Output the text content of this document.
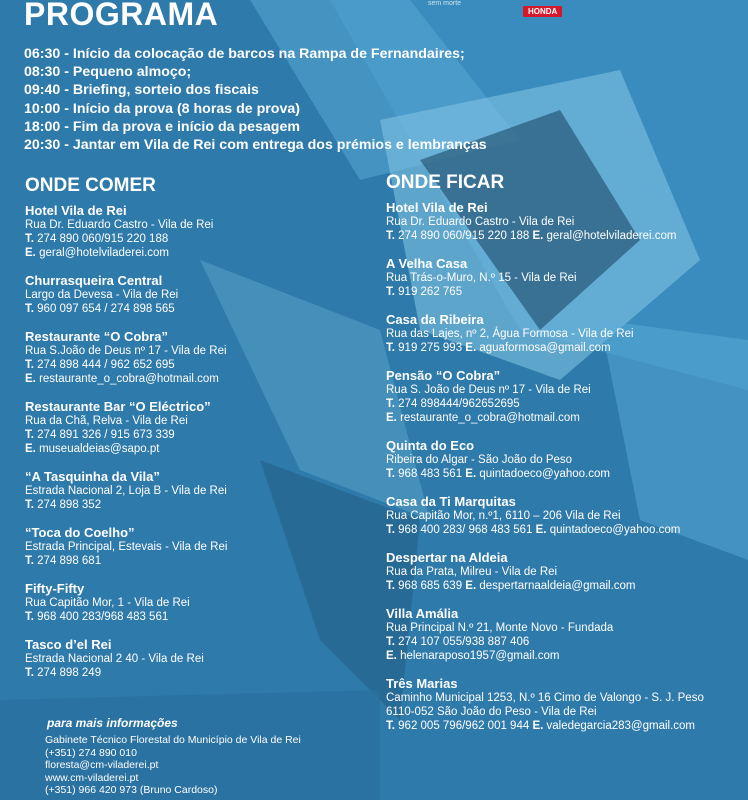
PROGRAMA	sem morte
HONDA
06:30 - Início da colocação de barcos na Rampa de Fernandaires;
08:30 - Pequeno almoço;
09:40 - Briefing, sorteio dos fiscais
10:00 - Início da prova (8 horas de prova)
18:00 - Fim da prova e início da pesagem
20:30 - Jantar em Vila de Rei com entrega dos prémios e lembranças
ONDE COMER
Hotel Vila de Rei
Rua Dr. Eduardo Castro - Vila de Rei
T. 274 890 060/915 220 188
E. geral@hotelviladerei.com
Churrasqueira Central
Largo da Devesa - Vila de Rei
T. 960 097 654 / 274 898 565
Restaurante “O Cobra”
Rua S.João de Deus nº 17 - Vila de Rei
T. 274 898 444 / 962 652 695
E. restaurante_o_cobra@hotmail.com
Restaurante Bar “O Eléctrico”
Rua da Chã, Relva - Vila de Rei
T. 274 891 326 / 915 673 339
E. museualdeias@sapo.pt
“A Tasquinha da Vila”
Estrada Nacional 2, Loja B - Vila de Rei
T. 274 898 352
“Toca do Coelho”
Estrada Principal, Estevais - Vila de Rei
T. 274 898 681
Fifty-Fifty
Rua Capitão Mor, 1 - Vila de Rei
T. 968 400 283/968 483 561
Tasco d’el Rei
Estrada Nacional 2 40 - Vila de Rei
T. 274 898 249
ONDE FICAR
Hotel Vila de Rei
Rua Dr. Eduardo Castro - Vila de Rei
T. 274 890 060/915 220 188 E. geral@hotelviladerei.com
A Velha Casa
Rua Trás-o-Muro, N.º 15 - Vila de Rei
T. 919 262 765
Casa da Ribeira
Rua das Lajes, nº 2, Água Formosa - Vila de Rei
T. 919 275 993 E. aguaformosa@gmail.com
Pensão “O Cobra”
Rua S. João de Deus nº 17 - Vila de Rei
T. 274 898444/962652695
E. restaurante_o_cobra@hotmail.com
Quinta do Eco
Ribeira do Algar - São João do Peso
T. 968 483 561 E. quintadoeco@yahoo.com
Casa da Ti Marquitas
Rua Capitão Mor, n.º1, 6110 – 206 Vila de Rei
T. 968 400 283/ 968 483 561 E. quintadoeco@yahoo.com
Despertar na Aldeia
Rua da Prata, Milreu - Vila de Rei
T. 968 685 639 E. despertarnaaldeia@gmail.com
Villa Amália
Rua Principal N.º 21, Monte Novo - Fundada
T. 274 107 055/938 887 406
E. helenaraposo1957@gmail.com
Três Marias
Caminho Municipal 1253, N.º 16 Cimo de Valongo - S. J. Peso
6110-052 São João do Peso - Vila de Rei
T. 962 005 796/962 001 944 E. valedegarcia283@gmail.com
para mais informações
Gabinete Técnico Florestal do Município de Vila de Rei
(+351) 274 890 010
floresta@cm-viladerei.pt
www.cm-viladerei.pt
(+351) 966 420 973 (Bruno Cardoso)
